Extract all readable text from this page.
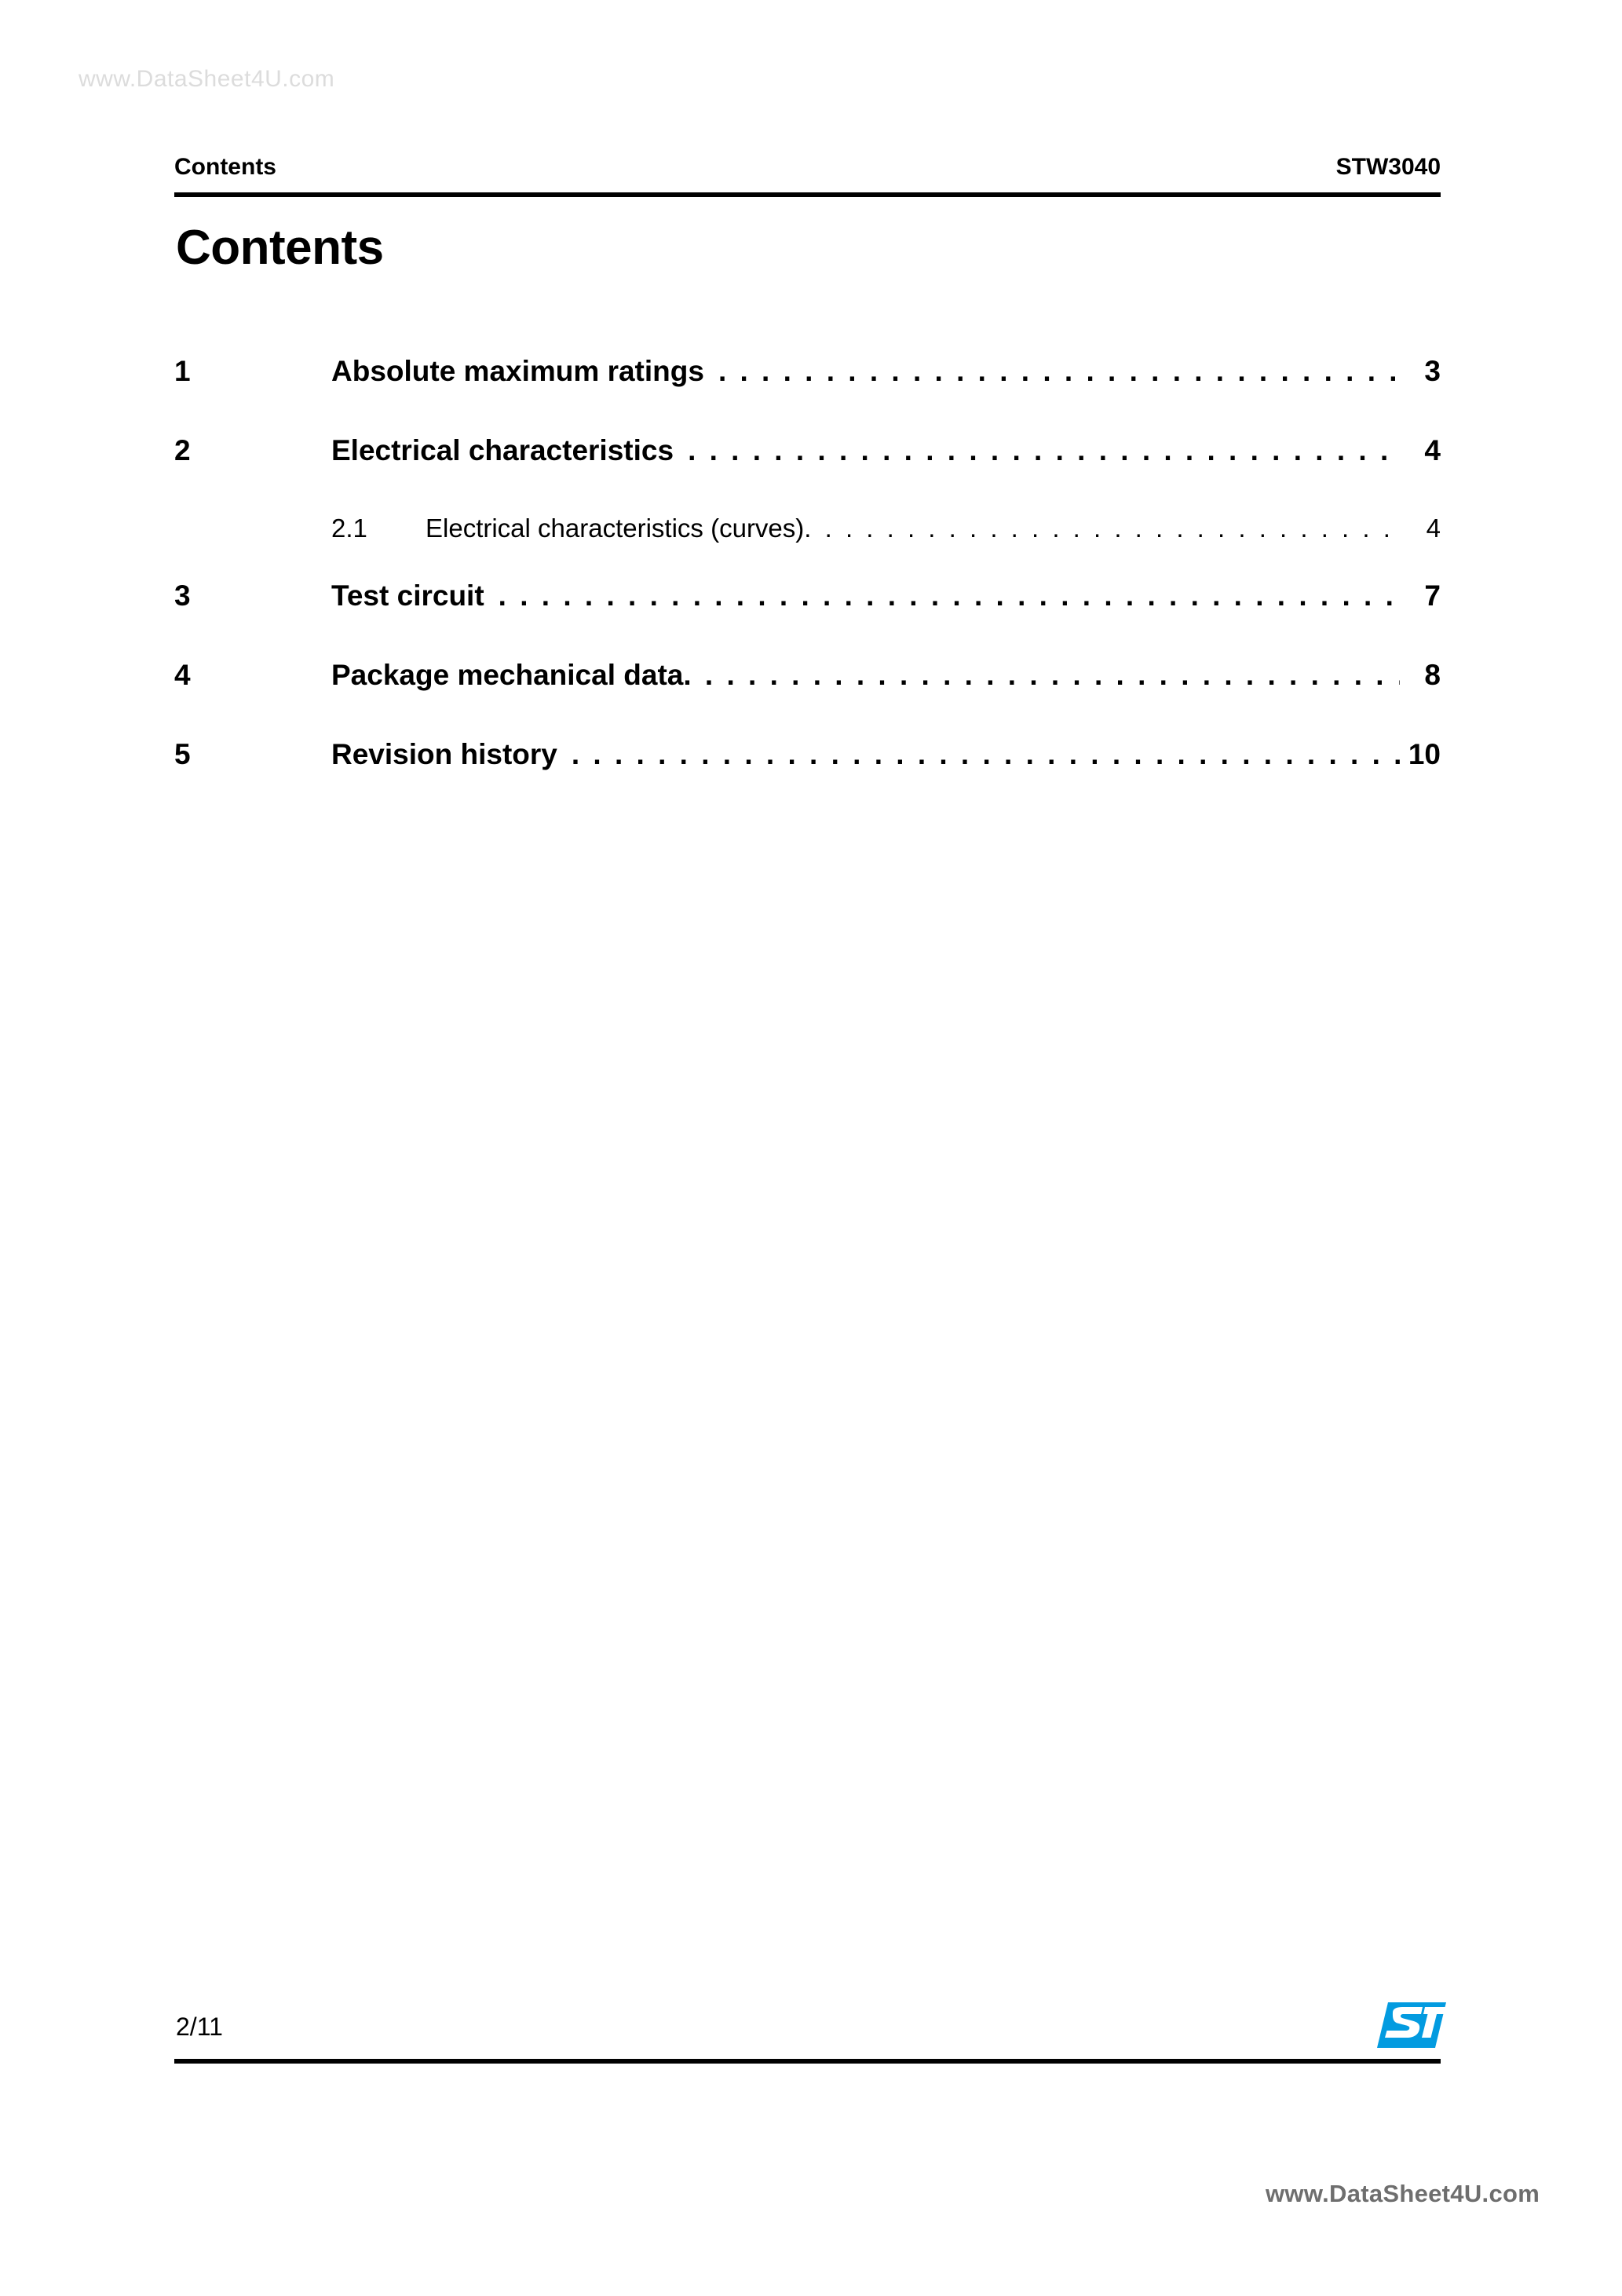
www.DataSheet4U.com
Contents	STW3040
Contents
1	Absolute maximum ratings . . .	3
2	Electrical characteristics . . .	4
2.1	Electrical characteristics (curves) . . .	4
3	Test circuit . . .	7
4	Package mechanical data . . .	8
5	Revision history . . .	10
2/11
www.DataSheet4U.com
